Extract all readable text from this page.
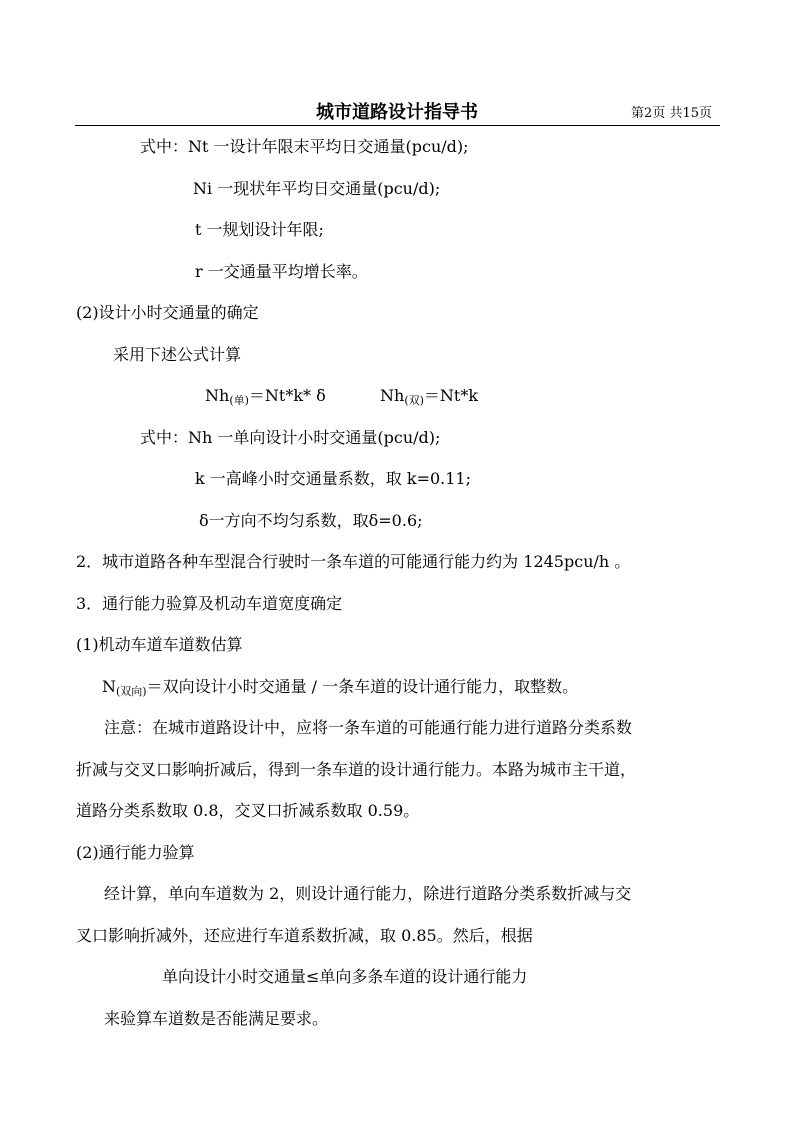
城市道路设计指导书	第2页 共15页
式中：Nt 一设计年限末平均日交通量(pcu/d);
Ni 一现状年平均日交通量(pcu/d);
t 一规划设计年限;
r 一交通量平均增长率。
(2)设计小时交通量的确定
采用下述公式计算
$Nh_{(单)}=Nt*k*$ δ	$Nh_{(双)}=Nt*k$
式中：Nh 一单向设计小时交通量(pcu/d);
k 一高峰小时交通量系数，取 k=0.11;
δ一方向不均匀系数，取δ=0.6;
2．城市道路各种车型混合行驶时一条车道的可能通行能力约为 1245pcu/h 。
3．通行能力验算及机动车道宽度确定
(1)机动车道车道数估算
$N_{(双向)}=$双向设计小时交通量 / 一条车道的设计通行能力，取整数。
注意：在城市道路设计中，应将一条车道的可能通行能力进行道路分类系数
折减与交叉口影响折减后，得到一条车道的设计通行能力。本路为城市主干道，
道路分类系数取 0.8，交叉口折减系数取 0.59。
(2)通行能力验算
经计算，单向车道数为 2，则设计通行能力，除进行道路分类系数折减与交
叉口影响折减外，还应进行车道系数折减，取 0.85。然后，根据
单向设计小时交通量≤单向多条车道的设计通行能力
来验算车道数是否能满足要求。
